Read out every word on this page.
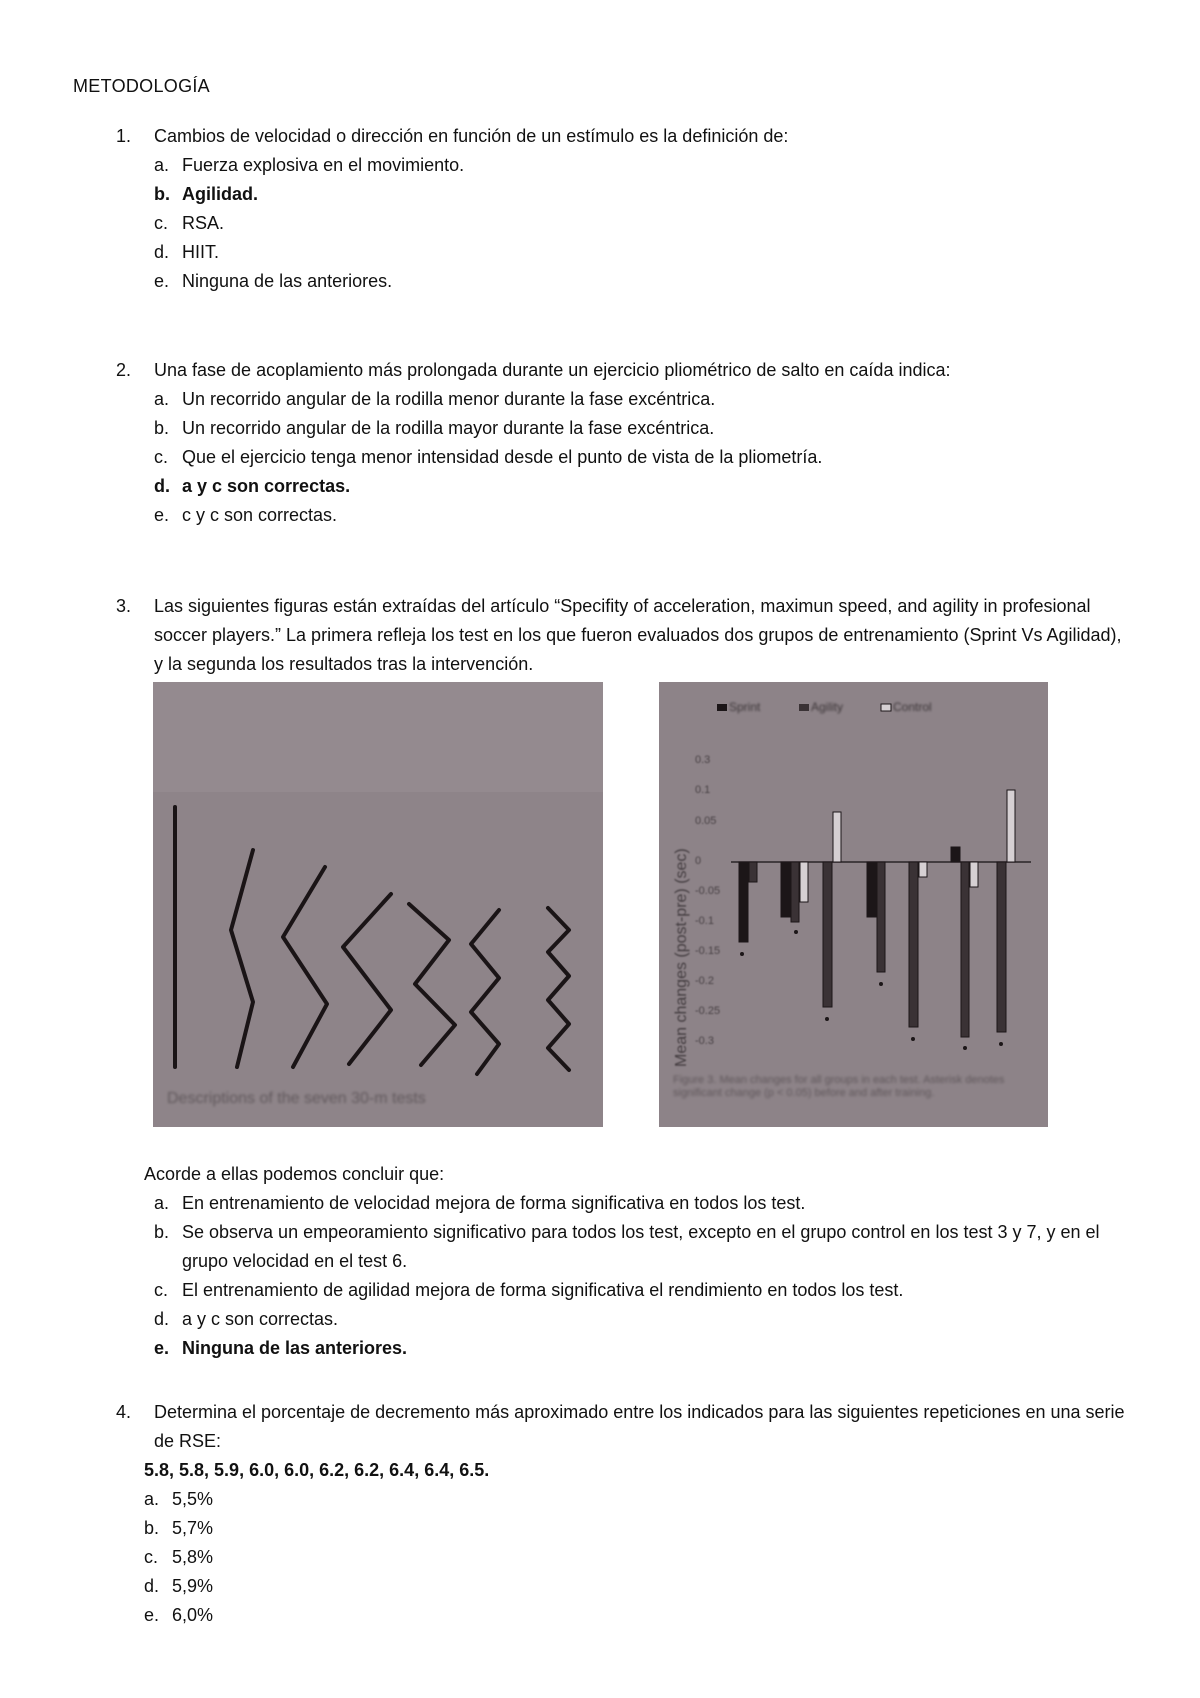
METODOLOGÍA
1.	Cambios de velocidad o dirección en función de un estímulo es la definición de:
a. Fuerza explosiva en el movimiento.
b. Agilidad.
c. RSA.
d. HIIT.
e. Ninguna de las anteriores.
2.	Una fase de acoplamiento más prolongada durante un ejercicio pliométrico de salto en caída indica:
a. Un recorrido angular de la rodilla menor durante la fase excéntrica.
b. Un recorrido angular de la rodilla mayor durante la fase excéntrica.
c. Que el ejercicio tenga menor intensidad desde el punto de vista de la pliometría.
d. a y c son correctas.
e. c y c son correctas.
3.	Las siguientes figuras están extraídas del artículo “Specifity of acceleration, maximun speed, and agility in profesional soccer players.” La primera refleja los test en los que fueron evaluados dos grupos de entrenamiento (Sprint Vs Agilidad), y la segunda los resultados tras la intervención.
Descriptions of the seven 30-m tests
Sprint	Agility	Control
0.3
0.1
0.05
0
-0.05
-0.1
-0.15
-0.2
-0.25
-0.3
Mean changes (post-pre) (sec)
Figure 3. Mean changes for all groups in each test. Asterisk denotes significant change (p < 0.05) before and after training.
Acorde a ellas podemos concluir que:
a. En entrenamiento de velocidad mejora de forma significativa en todos los test.
b. Se observa un empeoramiento significativo para todos los test, excepto en el grupo control en los test 3 y 7, y en el grupo velocidad en el test 6.
c. El entrenamiento de agilidad mejora de forma significativa el rendimiento en todos los test.
d. a y c son correctas.
e. Ninguna de las anteriores.
4.	Determina el porcentaje de decremento más aproximado entre los indicados para las siguientes repeticiones en una serie de RSE:
5.8, 5.8, 5.9, 6.0, 6.0, 6.2, 6.2, 6.4, 6.4, 6.5.
a. 5,5%
b. 5,7%
c. 5,8%
d. 5,9%
e. 6,0%
